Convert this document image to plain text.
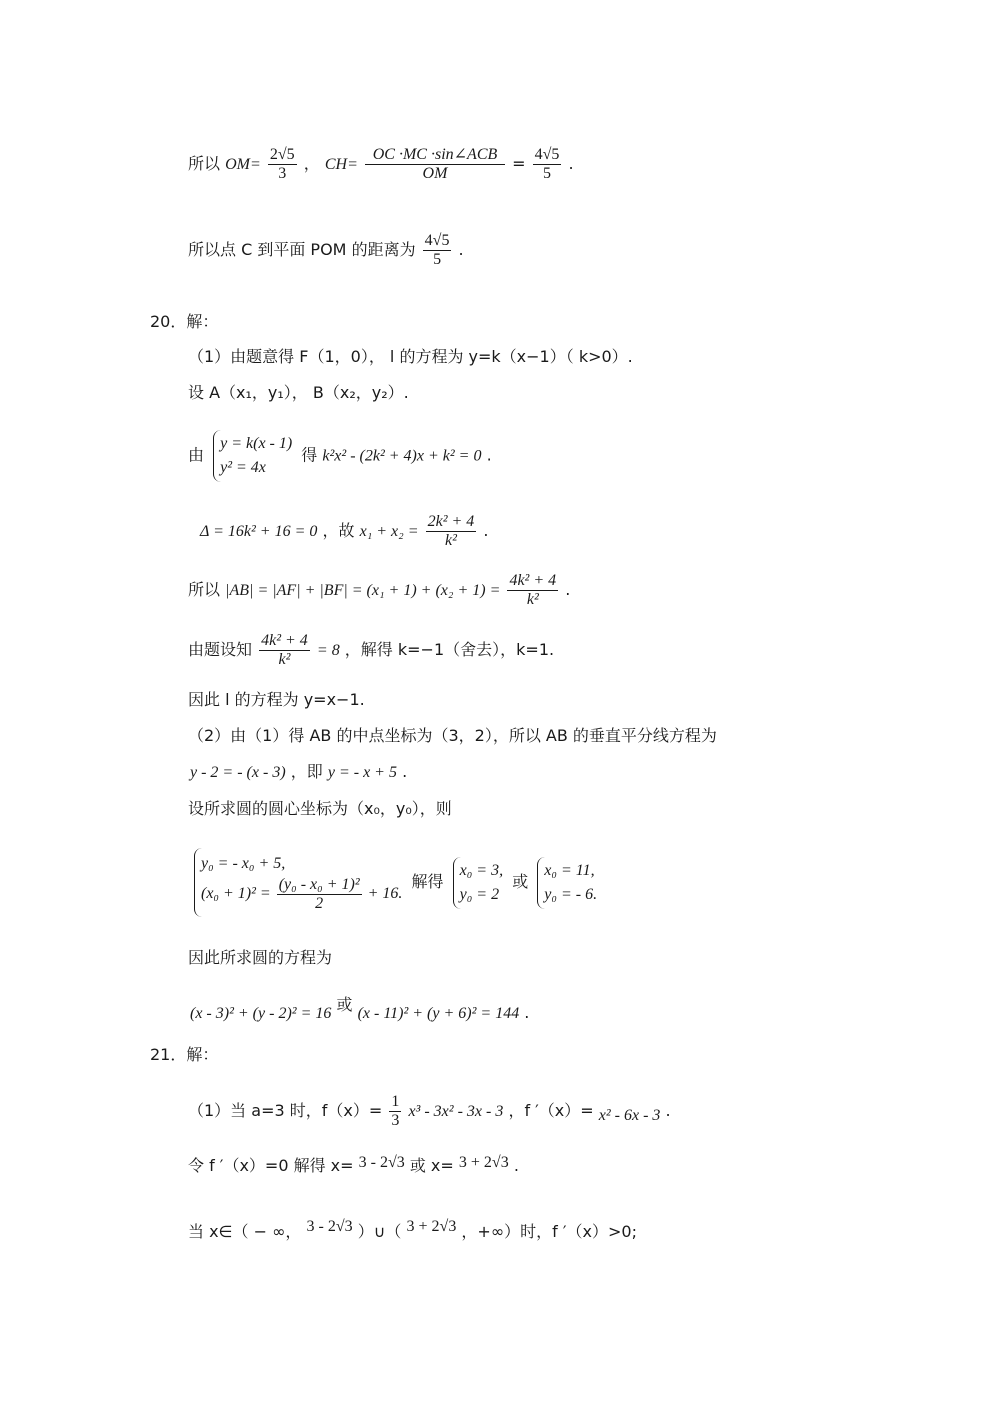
所以 $OM= \frac{2√5}{3}$ ， $CH= \frac{\text{OC ·MC ·sin∠ACB}}{OM} = \frac{4√5}{5}$ .
所以点 C 到平面 POM 的距离为 $\frac{4√5}{5}$ .
20．解：
（1）由题意得 F（1，0）， l 的方程为 y=k（x−1）（ k>0）.
设 A（x₁，y₁）， B（x₂，y₂）.
由
y = k(x - 1)
y² = 4x
得 k²x² - (2k² + 4)x + k² = 0 .
Δ = 16k² + 16 = 0 ，故 $x_1 + x_2 = \frac{\text{2k² + 4}}{\text{k²}}$ .
所以 $|AB| = |AF| + |BF| = (x_1 + 1) + (x_2 + 1) = \frac{\text{4k² + 4}}{\text{k²}}$ .
由题设知 $\frac{\text{4k² + 4}}{\text{k²}} = 8$ ，解得 k=−1（舍去），k=1.
因此 l 的方程为 y=x−1.
（2）由（1）得 AB 的中点坐标为（3，2），所以 AB 的垂直平分线方程为
y - 2 = - (x - 3) ，即 y = - x + 5 .
设所求圆的圆心坐标为（x₀，y₀），则
y₀ = - x₀ + 5,
$(x_0 + 1)^2 = \frac{\text{(y₀ - x₀ + 1)²}}{2} + 16$.
解得
x₀ = 3,
y₀ = 2
或
x₀ = 11,
y₀ = - 6.
因此所求圆的方程为
(x - 3)² + (y - 2)² = 16 或 (x - 11)² + (y + 6)² = 144 .
21．解：
（1）当 a=3 时，$f(x)= \frac{1}{3} x^3 - 3x^2 - 3x - 3$ ，f ′（x）= x² - 6x - 3 .
令 f ′（x）=0 解得 x= 3 - 2√3 或 x= 3 + 2√3 .
当 x∈（ − ∞， 3 - 2√3 ）∪（ 3 + 2√3 ，+∞）时，f ′（x）>0;
